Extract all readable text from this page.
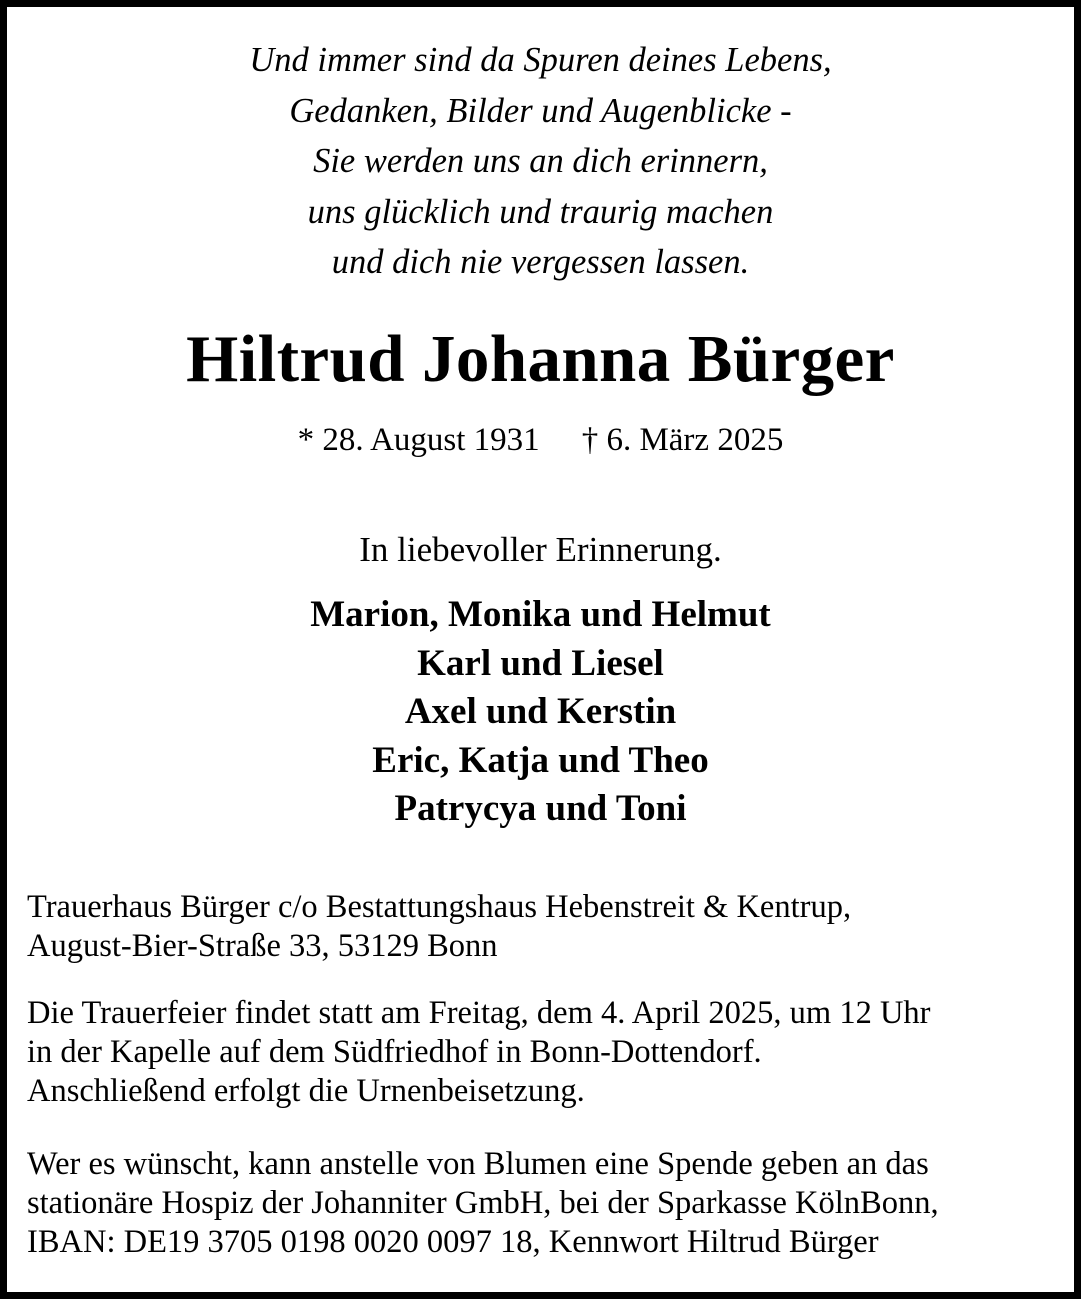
Und immer sind da Spuren deines Lebens,
Gedanken, Bilder und Augenblicke -
Sie werden uns an dich erinnern,
uns glücklich und traurig machen
und dich nie vergessen lassen.
Hiltrud Johanna Bürger
* 28. August 1931 † 6. März 2025
In liebevoller Erinnerung.
Marion, Monika und Helmut
Karl und Liesel
Axel und Kerstin
Eric, Katja und Theo
Patrycya und Toni
Trauerhaus Bürger c/o Bestattungshaus Hebenstreit & Kentrup,
August-Bier-Straße 33, 53129 Bonn
Die Trauerfeier findet statt am Freitag, dem 4. April 2025, um 12 Uhr
in der Kapelle auf dem Südfriedhof in Bonn-Dottendorf.
Anschließend erfolgt die Urnenbeisetzung.
Wer es wünscht, kann anstelle von Blumen eine Spende geben an das
stationäre Hospiz der Johanniter GmbH, bei der Sparkasse KölnBonn,
IBAN: DE19 3705 0198 0020 0097 18, Kennwort Hiltrud Bürger
